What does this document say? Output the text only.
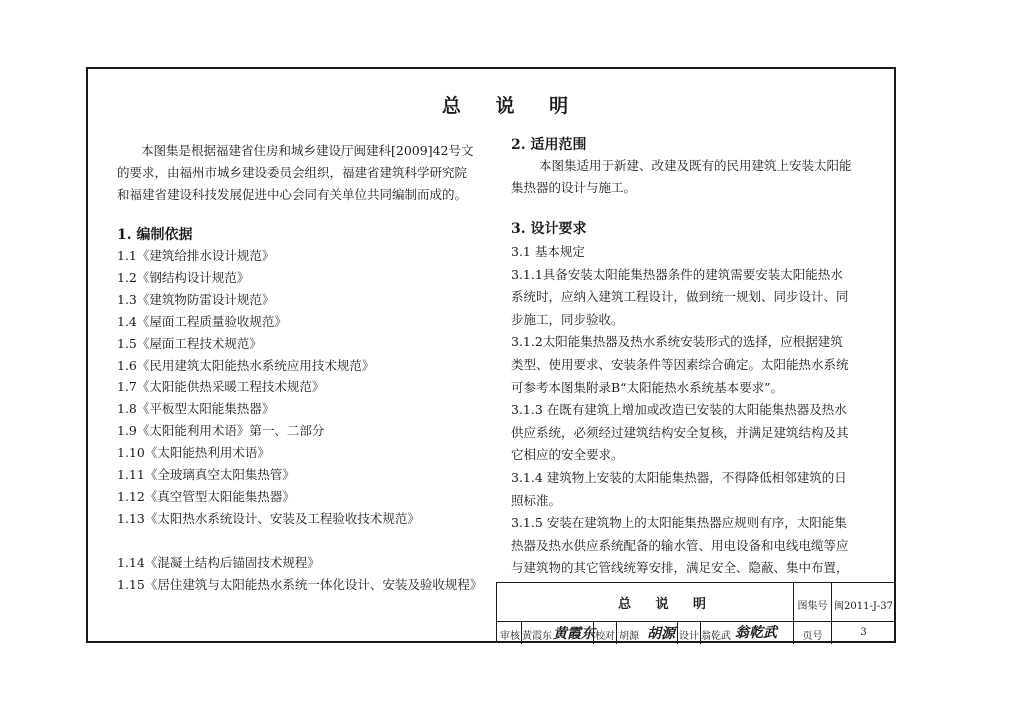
总 说 明
本图集是根据福建省住房和城乡建设厅闽建科[2009]42号文
的要求，由福州市城乡建设委员会组织，福建省建筑科学研究院
和福建省建设科技发展促进中心会同有关单位共同编制而成的。
1. 编制依据
1.1《建筑给排水设计规范》
1.2《钢结构设计规范》
1.3《建筑物防雷设计规范》
1.4《屋面工程质量验收规范》
1.5《屋面工程技术规范》
1.6《民用建筑太阳能热水系统应用技术规范》
1.7《太阳能供热采暖工程技术规范》
1.8《平板型太阳能集热器》
1.9《太阳能利用术语》第一、二部分
1.10《太阳能热利用术语》
1.11《全玻璃真空太阳集热管》
1.12《真空管型太阳能集热器》
1.13《太阳热水系统设计、安装及工程验收技术规范》
1.14《混凝土结构后锚固技术规程》
1.15《居住建筑与太阳能热水系统一体化设计、安装及验收规程》
2. 适用范围
本图集适用于新建、改建及既有的民用建筑上安装太阳能
集热器的设计与施工。
3. 设计要求
3.1 基本规定
3.1.1具备安装太阳能集热器条件的建筑需要安装太阳能热水
系统时，应纳入建筑工程设计，做到统一规划、同步设计、同
步施工，同步验收。
3.1.2太阳能集热器及热水系统安装形式的选择，应根据建筑
类型、使用要求、安装条件等因素综合确定。太阳能热水系统
可参考本图集附录B“太阳能热水系统基本要求”。
3.1.3 在既有建筑上增加或改造已安装的太阳能集热器及热水
供应系统，必须经过建筑结构安全复核，并满足建筑结构及其
它相应的安全要求。
3.1.4 建筑物上安装的太阳能集热器，不得降低相邻建筑的日
照标准。
3.1.5 安装在建筑物上的太阳能集热器应规则有序，太阳能集
热器及热水供应系统配备的输水管、用电设备和电线电缆等应
与建筑物的其它管线统筹安排，满足安全、隐蔽、集中布置，
总 说 明	图集号 闽2011-J-37
审核 黄霞东 黄霞东 校对 胡源 胡源 设计 翁乾武 翁乾武	页号	3
